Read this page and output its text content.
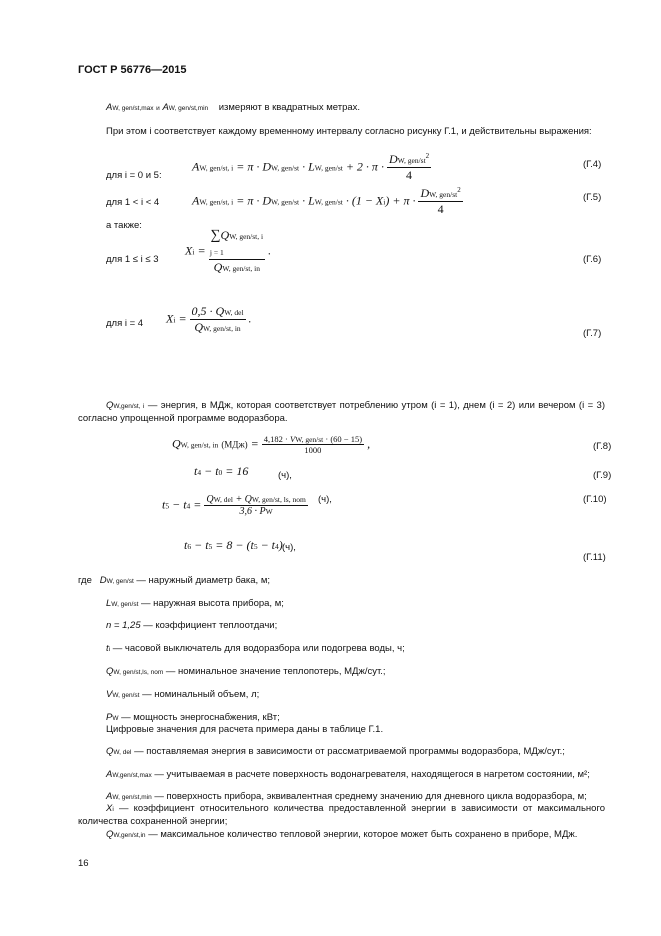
ГОСТ Р 56776—2015
AW, gen/st,max и AW, gen/st,min измеряют в квадратных метрах.
При этом i соответствует каждому временному интервалу согласно рисунку Г.1, и действительны выражения:
для i = 0 и 5:
AW, gen/st, i = π · DW, gen/st · LW, $gen/st + 2 \cdot \pi \cdot \frac{DW, gen/st^2}{4}$	(Г.4)
для 1 < i < 4	AW, gen/st, i = π · DW, gen/st · LW, $gen/st \cdot (1 - Xi) + \pi \cdot \frac{DW, gen/st^2}{4}$	(Г.5)
а также:
для 1 ≤ i ≤ 3
Xi =
∑QW, gen/st, i
j = 1
QW, gen/st, in
.
(Г.6)
для i = 4 $Xi = \frac{\text{0,5 · QW, del}}{\text{QW, gen/st, in}}$ .
(Г.7)
QW,gen/st, i — энергия, в МДж, которая соответствует потреблению утром (i = 1), днем (i = 2) или вечером (i = 3) согласно упрощенной программе водоразбора.
QW, gen/st, in $(МДж) = \frac{\text{4,182 · VW, gen/st · (60 − 15)}}{1000}$ ,	(Г.8)
t4 − t0 = 16	(ч),	(Г.9)
$t5 - t4 = \frac{\text{QW, del + QW, gen/st, ls, nom}}{3,6 \cdot PW} (ч)$,	(Г.10)
t6 − t5 = 8 − (t5 − t4) (ч),
(Г.11)
где DW, gen/st — наружный диаметр бака, м;
LW, gen/st — наружная высота прибора, м;
n = 1,25 — коэффициент теплоотдачи;
ti — часовой выключатель для водоразбора или подогрева воды, ч;
QW, gen/st,ls, nom — номинальное значение теплопотерь, МДж/сут.;
VW, gen/st — номинальный объем, л;
PW — мощность энергоснабжения, кВт;
Цифровые значения для расчета примера даны в таблице Г.1.
QW, del — поставляемая энергия в зависимости от рассматриваемой программы водоразбора, МДж/сут.;
AW,gen/st,max — учитываемая в расчете поверхность водонагревателя, находящегося в нагретом состоянии, м²;
AW, gen/st,min — поверхность прибора, эквивалентная среднему значению для дневного цикла водоразбора, м;
Xi — коэффициент относительного количества предоставленной энергии в зависимости от максимального количества сохраненной энергии;
QW,gen/st,in — максимальное количество тепловой энергии, которое может быть сохранено в приборе, МДж.
16
